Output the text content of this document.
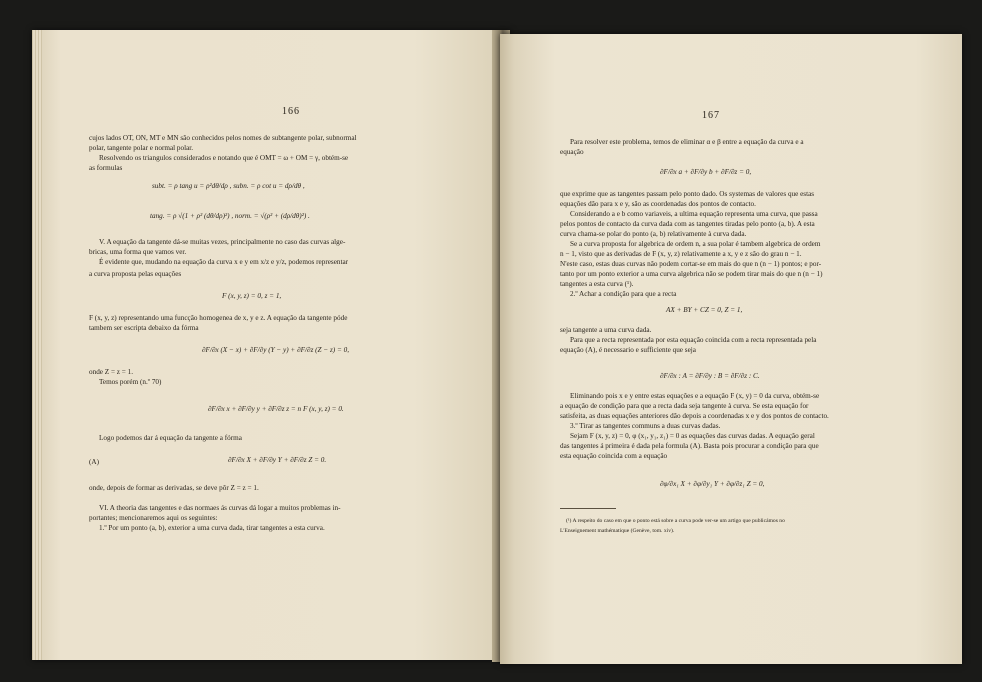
166
cujos lados OT, ON, MT e MN são conhecidos pelos nomes de subtangente polar, subnormal
polar, tangente polar e normal polar.
Resolvendo os triangulos considerados e notando que é OMT = ω + OM = γ, obtém-se
as formulas
V. A equação da tangente dá-se muitas vezes, principalmente no caso das curvas alge-
bricas, uma forma que vamos ver.
É evidente que, mudando na equação da curva x e y em x/z e y/z, podemos representar
a curva proposta pelas equações
F (x, y, z) representando uma funcção homogenea de x, y e z. A equação da tangente póde
tambem ser escripta debaixo da fórma
onde Z = z = 1.
Temos porém (n.º 70)
Logo podemos dar á equação da tangente a fórma
(A)
onde, depois de formar as derivadas, se deve pôr Z = z = 1.
VI. A theoria das tangentes e das normaes ás curvas dá logar a muitos problemas in-
portantes; mencionaremos aqui os seguintes:
1.º Por um ponto (a, b), exterior a uma curva dada, tirar tangentes a esta curva.
subt. = ρ tang u = ρ²dθ/dρ , subn. = ρ cot u = dρ/dθ ,
tang. = ρ √(1 + ρ² (dθ/dρ)²) , norm. = √(ρ² + (dρ/dθ)²) .
F (x, y, z) = 0, z = 1,
∂F/∂x (X − x) + ∂F/∂y (Y − y) + ∂F/∂z (Z − z) = 0,
∂F/∂x x + ∂F/∂y y + ∂F/∂z z = n F (x, y, z) = 0.
∂F/∂x X + ∂F/∂y Y + ∂F/∂z Z = 0.
167
Para resolver este problema, temos de eliminar α e β entre a equação da curva e a
equação
que exprime que as tangentes passam pelo ponto dado. Os systemas de valores que estas
equações dão para x e y, são as coordenadas dos pontos de contacto.
Considerando a e b como variaveis, a ultima equação representa uma curva, que passa
pelos pontos de contacto da curva dada com as tangentes tiradas pelo ponto (a, b). A esta
curva chama-se polar do ponto (a, b) relativamente à curva dada.
Se a curva proposta for algebrica de ordem n, a sua polar é tambem algebrica de ordem
n − 1, visto que as derivadas de F (x, y, z) relativamente a x, y e z são do grau n − 1.
N'este caso, estas duas curvas não podem cortar-se em mais do que n (n − 1) pontos; e por-
tanto por um ponto exterior a uma curva algebrica não se podem tirar mais do que n (n − 1)
tangentes a esta curva (¹).
2.º Achar a condição para que a recta
seja tangente a uma curva dada.
Para que a recta representada por esta equação coincida com a recta representada pela
equação (A), é necessario e sufficiente que seja
Eliminando pois x e y entre estas equações e a equação F (x, y) = 0 da curva, obtém-se
a equação de condição para que a recta dada seja tangente à curva. Se esta equação for
satisfeita, as duas equações anteriores dão depois a coordenadas x e y dos pontos de contacto.
3.º Tirar as tangentes communs a duas curvas dadas.
Sejam F (x, y, z) = 0, φ (x₁, y₁, z₁) = 0 as equações das curvas dadas. A equação geral
das tangentes á primeira é dada pela formula (A). Basta pois procurar a condição para que
esta equação coincida com a equação
∂F/∂x a + ∂F/∂y b + ∂F/∂z = 0,
AX + BY + CZ = 0, Z = 1,
∂F/∂x : A = ∂F/∂y : B = ∂F/∂z : C.
∂φ/∂x₁ X + ∂φ/∂y₁ Y + ∂φ/∂z₁ Z = 0,
(¹) A respeito do caso em que o ponto está sobre a curva pode ver-se um artigo que publicámos no
L'Enseignement mathématique (Genève, tom. xiv).
